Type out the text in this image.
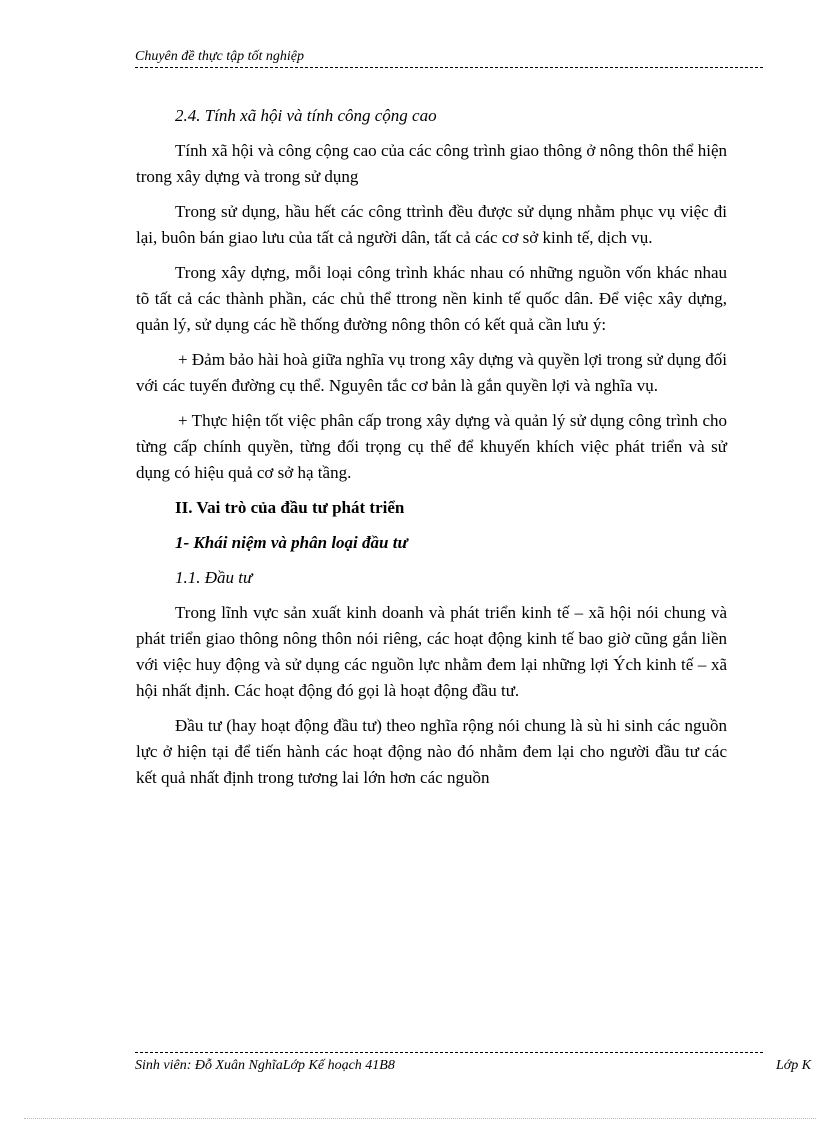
Chuyên đề thực tập tốt nghiệp

2.4. Tính xã hội và tính công cộng cao

Tính xã hội và công cộng cao của các công trình giao thông ở nông thôn thể hiện trong xây dựng và trong sử dụng

Trong sử dụng, hầu hết các công ttrình đều được sử dụng nhằm phục vụ việc đi lại, buôn bán giao lưu của tất cả người dân, tất cả các cơ sở kinh tế, dịch vụ.

Trong xây dựng, mỗi loại công trình khác nhau có những nguồn vốn khác nhau tõ tất cả các thành phần, các chủ thể ttrong nền kinh tế quốc dân. Để việc xây dựng, quản lý, sử dụng các hề thống đường nông thôn có kết quả cần lưu ý:

+ Đảm bảo hài hoà giữa nghĩa vụ trong xây dựng và quyền lợi trong sử dụng đối với các tuyến đường cụ thể. Nguyên tắc cơ bản là gắn quyền lợi và nghĩa vụ.

+ Thực hiện tốt việc phân cấp trong xây dựng và quản lý sử dụng công trình cho từng cấp chính quyền, từng đối trọng cụ thể để khuyến khích việc phát triển và sử dụng có hiệu quả cơ sở hạ tầng.

II. Vai trò của đầu tư phát triển

1- Khái niệm và phân loại đầu tư

1.1. Đầu tư

Trong lĩnh vực sản xuất kinh doanh và phát triển kinh tế – xã hội nói chung và phát triển giao thông nông thôn nói riêng, các hoạt động kinh tế bao giờ cũng gắn liền với việc huy động và sử dụng các nguồn lực nhằm đem lại những lợi Ých kinh tế – xã hội nhất định. Các hoạt động đó gọi là hoạt động đầu tư.

Đầu tư (hay hoạt động đầu tư) theo nghĩa rộng nói chung là sù hi sinh các nguồn lực ở hiện tại để tiến hành các hoạt động nào đó nhằm đem lại cho người đầu tư các kết quả nhất định trong tương lai lớn hơn các nguồn

Sinh viên: Đỗ Xuân NghĩaLớp Kế hoạch 41B8	Lớp K
